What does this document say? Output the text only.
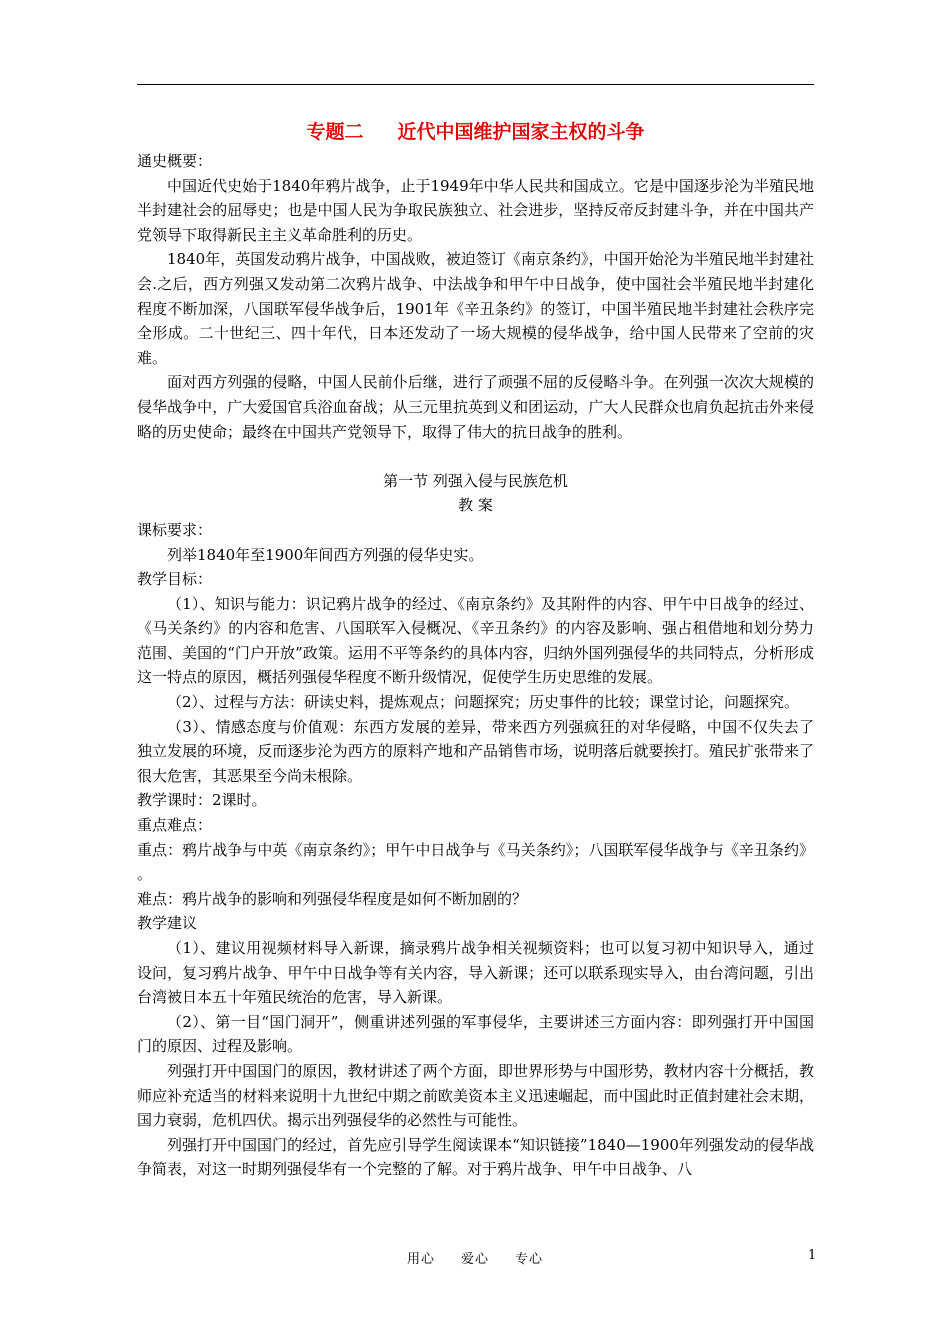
专题二 近代中国维护国家主权的斗争

通史概要：

中国近代史始于1840年鸦片战争，止于1949年中华人民共和国成立。它是中国逐步沦为半殖民地半封建社会的屈辱史；也是中国人民为争取民族独立、社会进步，坚持反帝反封建斗争，并在中国共产党领导下取得新民主主义革命胜利的历史。

1840年，英国发动鸦片战争，中国战败，被迫签订《南京条约》，中国开始沦为半殖民地半封建社会.之后，西方列强又发动第二次鸦片战争、中法战争和甲午中日战争，使中国社会半殖民地半封建化程度不断加深，八国联军侵华战争后，1901年《辛丑条约》的签订，中国半殖民地半封建社会秩序完全形成。二十世纪三、四十年代，日本还发动了一场大规模的侵华战争，给中国人民带来了空前的灾难。

面对西方列强的侵略，中国人民前仆后继，进行了顽强不屈的反侵略斗争。在列强一次次大规模的侵华战争中，广大爱国官兵浴血奋战；从三元里抗英到义和团运动，广大人民群众也肩负起抗击外来侵略的历史使命；最终在中国共产党领导下，取得了伟大的抗日战争的胜利。

第一节 列强入侵与民族危机

教 案

课标要求：

列举1840年至1900年间西方列强的侵华史实。

教学目标：

（1）、知识与能力：识记鸦片战争的经过、《南京条约》及其附件的内容、甲午中日战争的经过、《马关条约》的内容和危害、八国联军入侵概况、《辛丑条约》的内容及影响、强占租借地和划分势力范围、美国的“门户开放”政策。运用不平等条约的具体内容，归纳外国列强侵华的共同特点，分析形成这一特点的原因，概括列强侵华程度不断升级情况，促使学生历史思维的发展。

（2）、过程与方法：研读史料，提炼观点；问题探究；历史事件的比较；课堂讨论，问题探究。

（3）、情感态度与价值观：东西方发展的差异，带来西方列强疯狂的对华侵略，中国不仅失去了独立发展的环境，反而逐步沦为西方的原料产地和产品销售市场，说明落后就要挨打。殖民扩张带来了很大危害，其恶果至今尚未根除。

教学课时：2课时。

重点难点：

重点：鸦片战争与中英《南京条约》；甲午中日战争与《马关条约》；八国联军侵华战争与《辛丑条约》 。

难点：鸦片战争的影响和列强侵华程度是如何不断加剧的？

教学建议

（1）、建议用视频材料导入新课，摘录鸦片战争相关视频资料；也可以复习初中知识导入，通过设问，复习鸦片战争、甲午中日战争等有关内容，导入新课；还可以联系现实导入，由台湾问题，引出台湾被日本五十年殖民统治的危害，导入新课。

（2）、第一目“国门洞开”，侧重讲述列强的军事侵华，主要讲述三方面内容：即列强打开中国国门的原因、过程及影响。

列强打开中国国门的原因，教材讲述了两个方面，即世界形势与中国形势，教材内容十分概括，教师应补充适当的材料来说明十九世纪中期之前欧美资本主义迅速崛起，而中国此时正值封建社会末期，国力衰弱，危机四伏。揭示出列强侵华的必然性与可能性。

列强打开中国国门的经过，首先应引导学生阅读课本“知识链接”1840—1900年列强发动的侵华战争简表，对这一时期列强侵华有一个完整的了解。对于鸦片战争、甲午中日战争、八

用心 爱心 专心	1
